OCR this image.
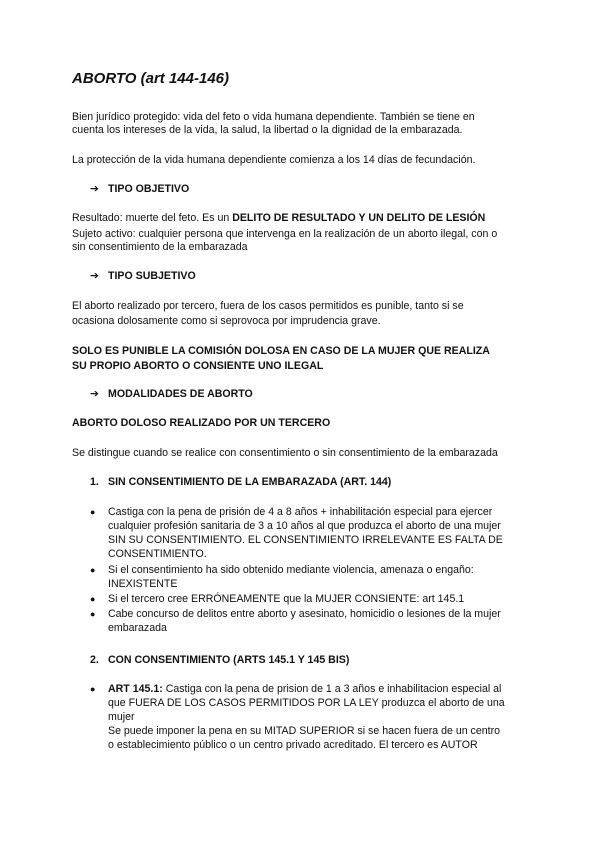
ABORTO (art 144-146)
Bien jurídico protegido: vida del feto o vida humana dependiente. También se tiene en
cuenta los intereses de la vida, la salud, la libertad o la dignidad de la embarazada.
La protección de la vida humana dependiente comienza a los 14 días de fecundación.
➔ TIPO OBJETIVO
Resultado: muerte del feto. Es un DELITO DE RESULTADO Y UN DELITO DE LESIÓN
Sujeto activo: cualquier persona que intervenga en la realización de un aborto ilegal, con o
sin consentimiento de la embarazada
➔ TIPO SUBJETIVO
El aborto realizado por tercero, fuera de los casos permitidos es punible, tanto si se
ocasiona dolosamente como si seprovoca por imprudencia grave.
SOLO ES PUNIBLE LA COMISIÓN DOLOSA EN CASO DE LA MUJER QUE REALIZA
SU PROPIO ABORTO O CONSIENTE UNO ILEGAL
➔ MODALIDADES DE ABORTO
ABORTO DOLOSO REALIZADO POR UN TERCERO
Se distingue cuando se realice con consentimiento o sin consentimiento de la embarazada
1. SIN CONSENTIMIENTO DE LA EMBARAZADA (ART. 144)
● Castiga con la pena de prisión de 4 a 8 años + inhabilitación especial para ejercer
cualquier profesión sanitaria de 3 a 10 años al que produzca el aborto de una mujer
SIN SU CONSENTIMIENTO. EL CONSENTIMIENTO IRRELEVANTE ES FALTA DE
CONSENTIMIENTO.
● Si el consentimiento ha sido obtenido mediante violencia, amenaza o engaño:
INEXISTENTE
● Si el tercero cree ERRÓNEAMENTE que la MUJER CONSIENTE: art 145.1
● Cabe concurso de delitos entre aborto y asesinato, homicidio o lesiones de la mujer
embarazada
2. CON CONSENTIMIENTO (ARTS 145.1 Y 145 BIS)
● ART 145.1: Castiga con la pena de prision de 1 a 3 años e inhabilitacion especial al
que FUERA DE LOS CASOS PERMITIDOS POR LA LEY produzca el aborto de una
mujer
Se puede imponer la pena en su MITAD SUPERIOR si se hacen fuera de un centro
o establecimiento público o un centro privado acreditado. El tercero es AUTOR
